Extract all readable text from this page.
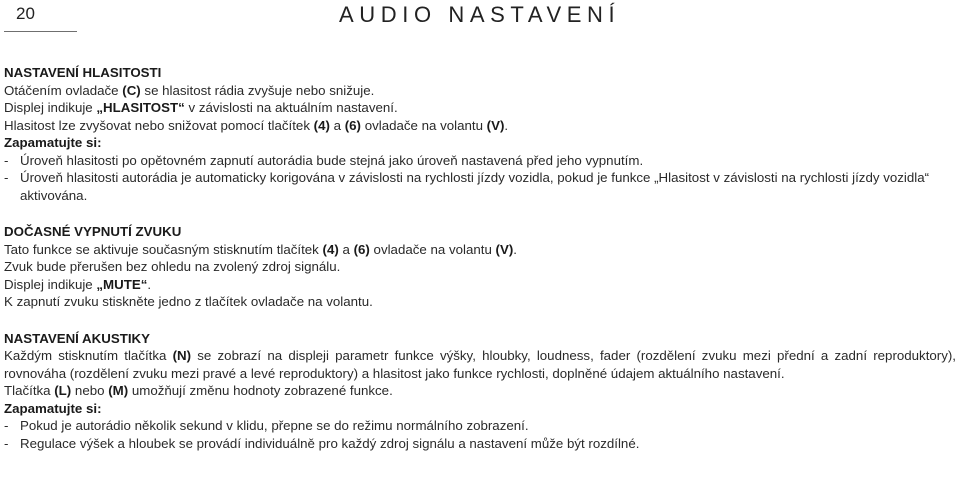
20	AUDIO NASTAVENÍ
NASTAVENÍ HLASITOSTI
Otáčením ovladače (C) se hlasitost rádia zvyšuje nebo snižuje.
Displej indikuje „HLASITOST“ v závislosti na aktuálním nastavení.
Hlasitost lze zvyšovat nebo snižovat pomocí tlačítek (4) a (6) ovladače na volantu (V).
Zapamatujte si:
- Úroveň hlasitosti po opětovném zapnutí autorádia bude stejná jako úroveň nastavená před jeho vypnutím.
- Úroveň hlasitosti autorádia je automaticky korigována v závislosti na rychlosti jízdy vozidla, pokud je funkce „Hlasitost v závislosti na rychlosti jízdy vozidla“ aktivována.
DOČASNÉ VYPNUTÍ ZVUKU
Tato funkce se aktivuje současným stisknutím tlačítek (4) a (6) ovladače na volantu (V).
Zvuk bude přerušen bez ohledu na zvolený zdroj signálu.
Displej indikuje „MUTE“.
K zapnutí zvuku stiskněte jedno z tlačítek ovladače na volantu.
NASTAVENÍ AKUSTIKY
Každým stisknutím tlačítka (N) se zobrazí na displeji parametr funkce výšky, hloubky, loudness, fader (rozdělení zvuku mezi přední a zadní reproduktory), rovnováha (rozdělení zvuku mezi pravé a levé reproduktory) a hlasitost jako funkce rychlosti, doplněné údajem aktuálního nastavení.
Tlačítka (L) nebo (M) umožňují změnu hodnoty zobrazené funkce.
Zapamatujte si:
- Pokud je autorádio několik sekund v klidu, přepne se do režimu normálního zobrazení.
- Regulace výšek a hloubek se provádí individuálně pro každý zdroj signálu a nastavení může být rozdílné.
